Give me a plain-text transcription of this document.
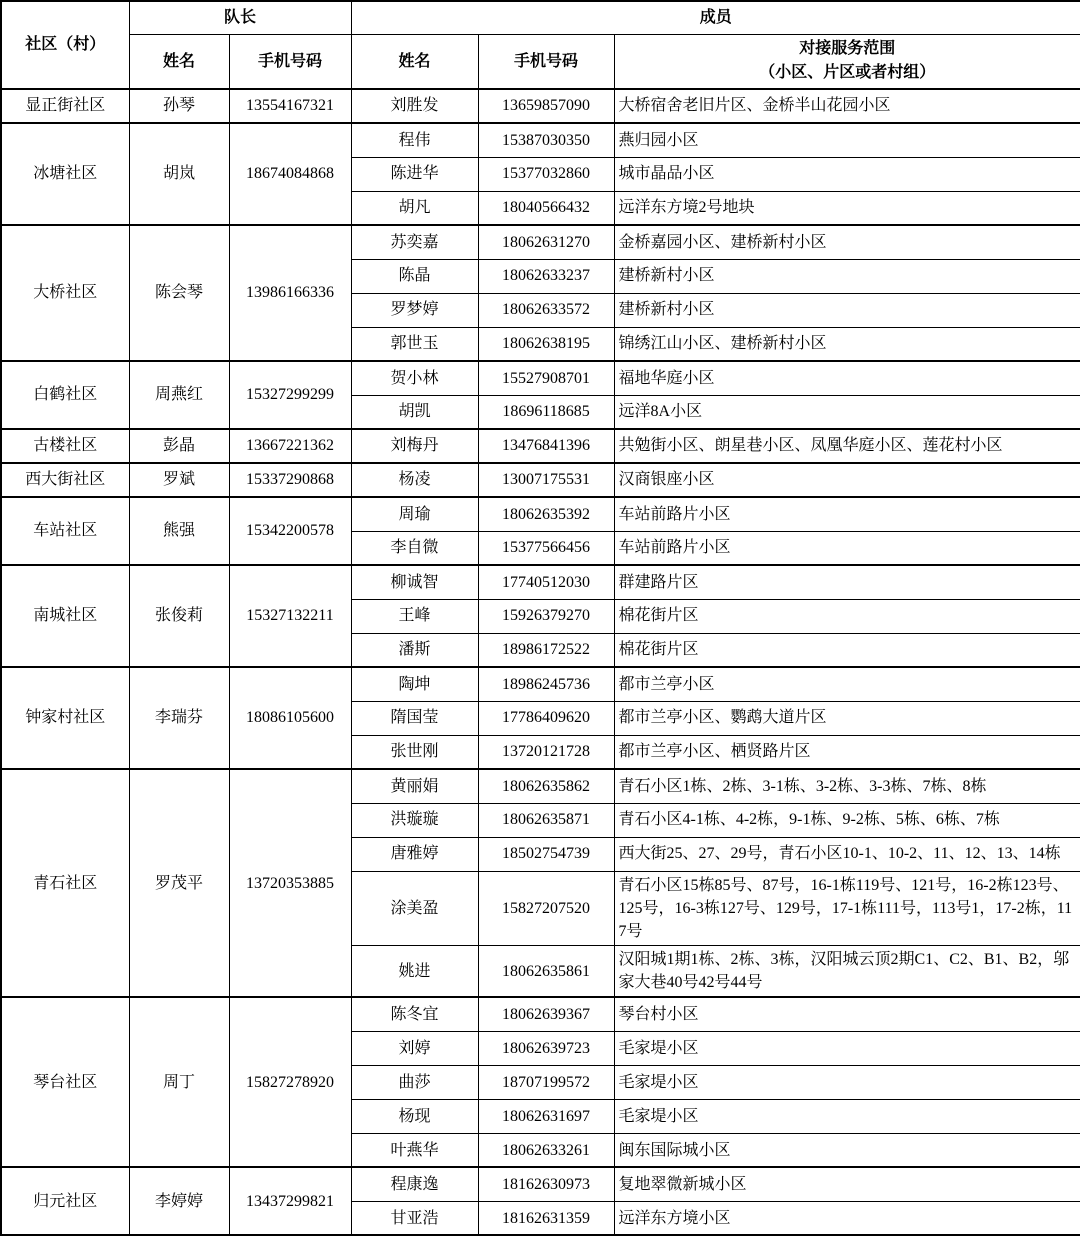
社区（村）	队长		成员		
	姓名	手机号码	姓名	手机号码	对接服务范围
（小区、片区或者村组）

显正街社区	孙琴	13554167321	刘胜发	13659857090	大桥宿舍老旧片区、金桥半山花园小区
冰塘社区	胡岚	18674084868	程伟	15387030350	燕归园小区
			陈进华	15377032860	城市晶品小区
			胡凡	18040566432	远洋东方境2号地块
大桥社区	陈会琴	13986166336	苏奕嘉	18062631270	金桥嘉园小区、建桥新村小区
			陈晶	18062633237	建桥新村小区
			罗梦婷	18062633572	建桥新村小区
			郭世玉	18062638195	锦绣江山小区、建桥新村小区
白鹤社区	周燕红	15327299299	贺小林	15527908701	福地华庭小区
			胡凯	18696118685	远洋8A小区
古楼社区	彭晶	13667221362	刘梅丹	13476841396	共勉街小区、朗星巷小区、凤凰华庭小区、莲花村小区
西大街社区	罗斌	15337290868	杨凌	13007175531	汉商银座小区
车站社区	熊强	15342200578	周瑜	18062635392	车站前路片小区
			李自微	15377566456	车站前路片小区
南城社区	张俊莉	15327132211	柳诚智	17740512030	群建路片区
			王峰	15926379270	棉花街片区
			潘斯	18986172522	棉花街片区
钟家村社区	李瑞芬	18086105600	陶坤	18986245736	都市兰亭小区
			隋国莹	17786409620	都市兰亭小区、鹦鹉大道片区
			张世刚	13720121728	都市兰亭小区、栖贤路片区
青石社区	罗茂平	13720353885	黄丽娟	18062635862	青石小区1栋、2栋、3-1栋、3-2栋、3-3栋、7栋、8栋
			洪璇璇	18062635871	青石小区4-1栋、4-2栋，9-1栋、9-2栋、5栋、6栋、7栋
			唐雅婷	18502754739	西大街25、27、29号，青石小区10-1、10-2、11、12、13、14栋
			涂美盈	15827207520	青石小区15栋85号、87号，16-1栋119号、121号，16-2栋123号、125号，16-3栋127号、129号，17-1栋111号，113号1，17-2栋，117号
			姚进	18062635861	汉阳城1期1栋、2栋、3栋，汉阳城云顶2期C1、C2、B1、B2，邬家大巷40号42号44号
琴台社区	周丁	15827278920	陈冬宜	18062639367	琴台村小区
			刘婷	18062639723	毛家堤小区
			曲莎	18707199572	毛家堤小区
			杨现	18062631697	毛家堤小区
			叶燕华	18062633261	闽东国际城小区
归元社区	李婷婷	13437299821	程康逸	18162630973	复地翠微新城小区
			甘亚浩	18162631359	远洋东方境小区
